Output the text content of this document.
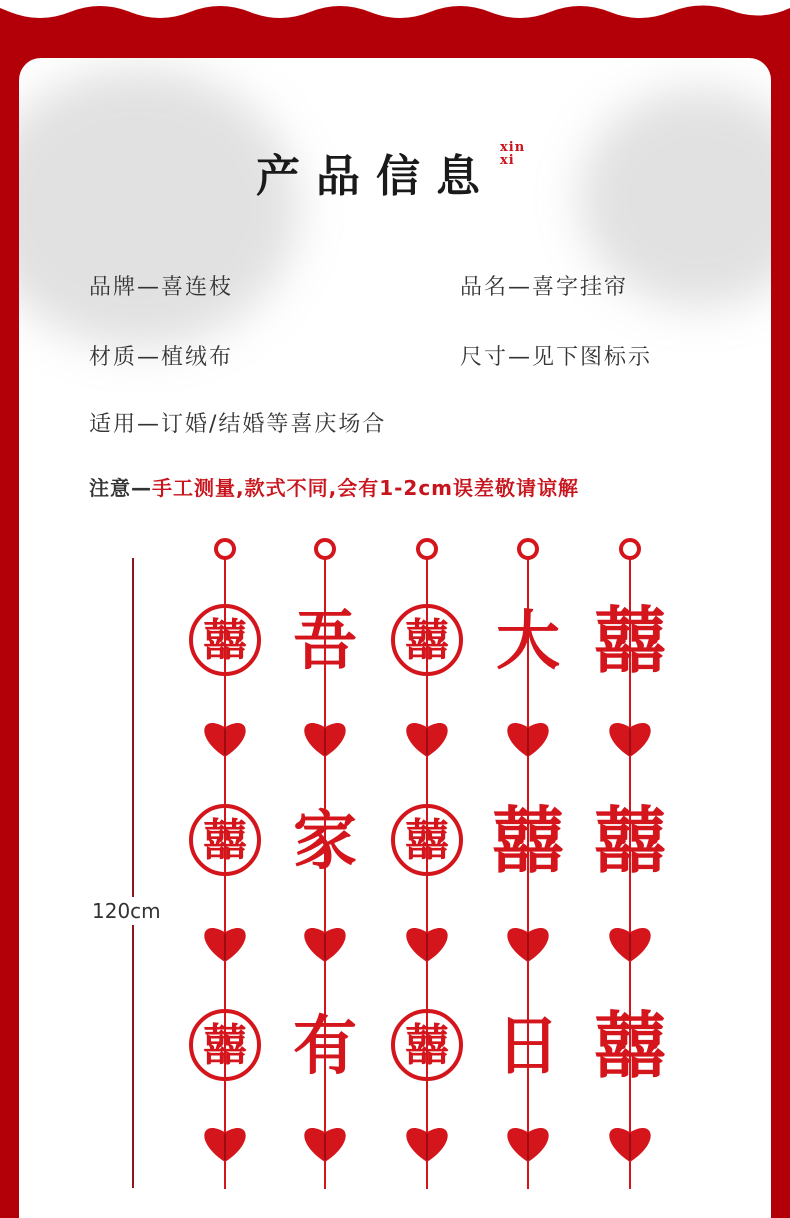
产品信息
xin
xi
品牌—喜连枝	品名—喜字挂帘
材质—植绒布	尺寸—见下图标示
适用—订婚/结婚等喜庆场合
注意—手工测量,款式不同,会有1-2cm误差敬请谅解
120cm
囍
囍
囍
吾
家
有
囍
囍
囍
大
囍
日
囍
囍
囍
